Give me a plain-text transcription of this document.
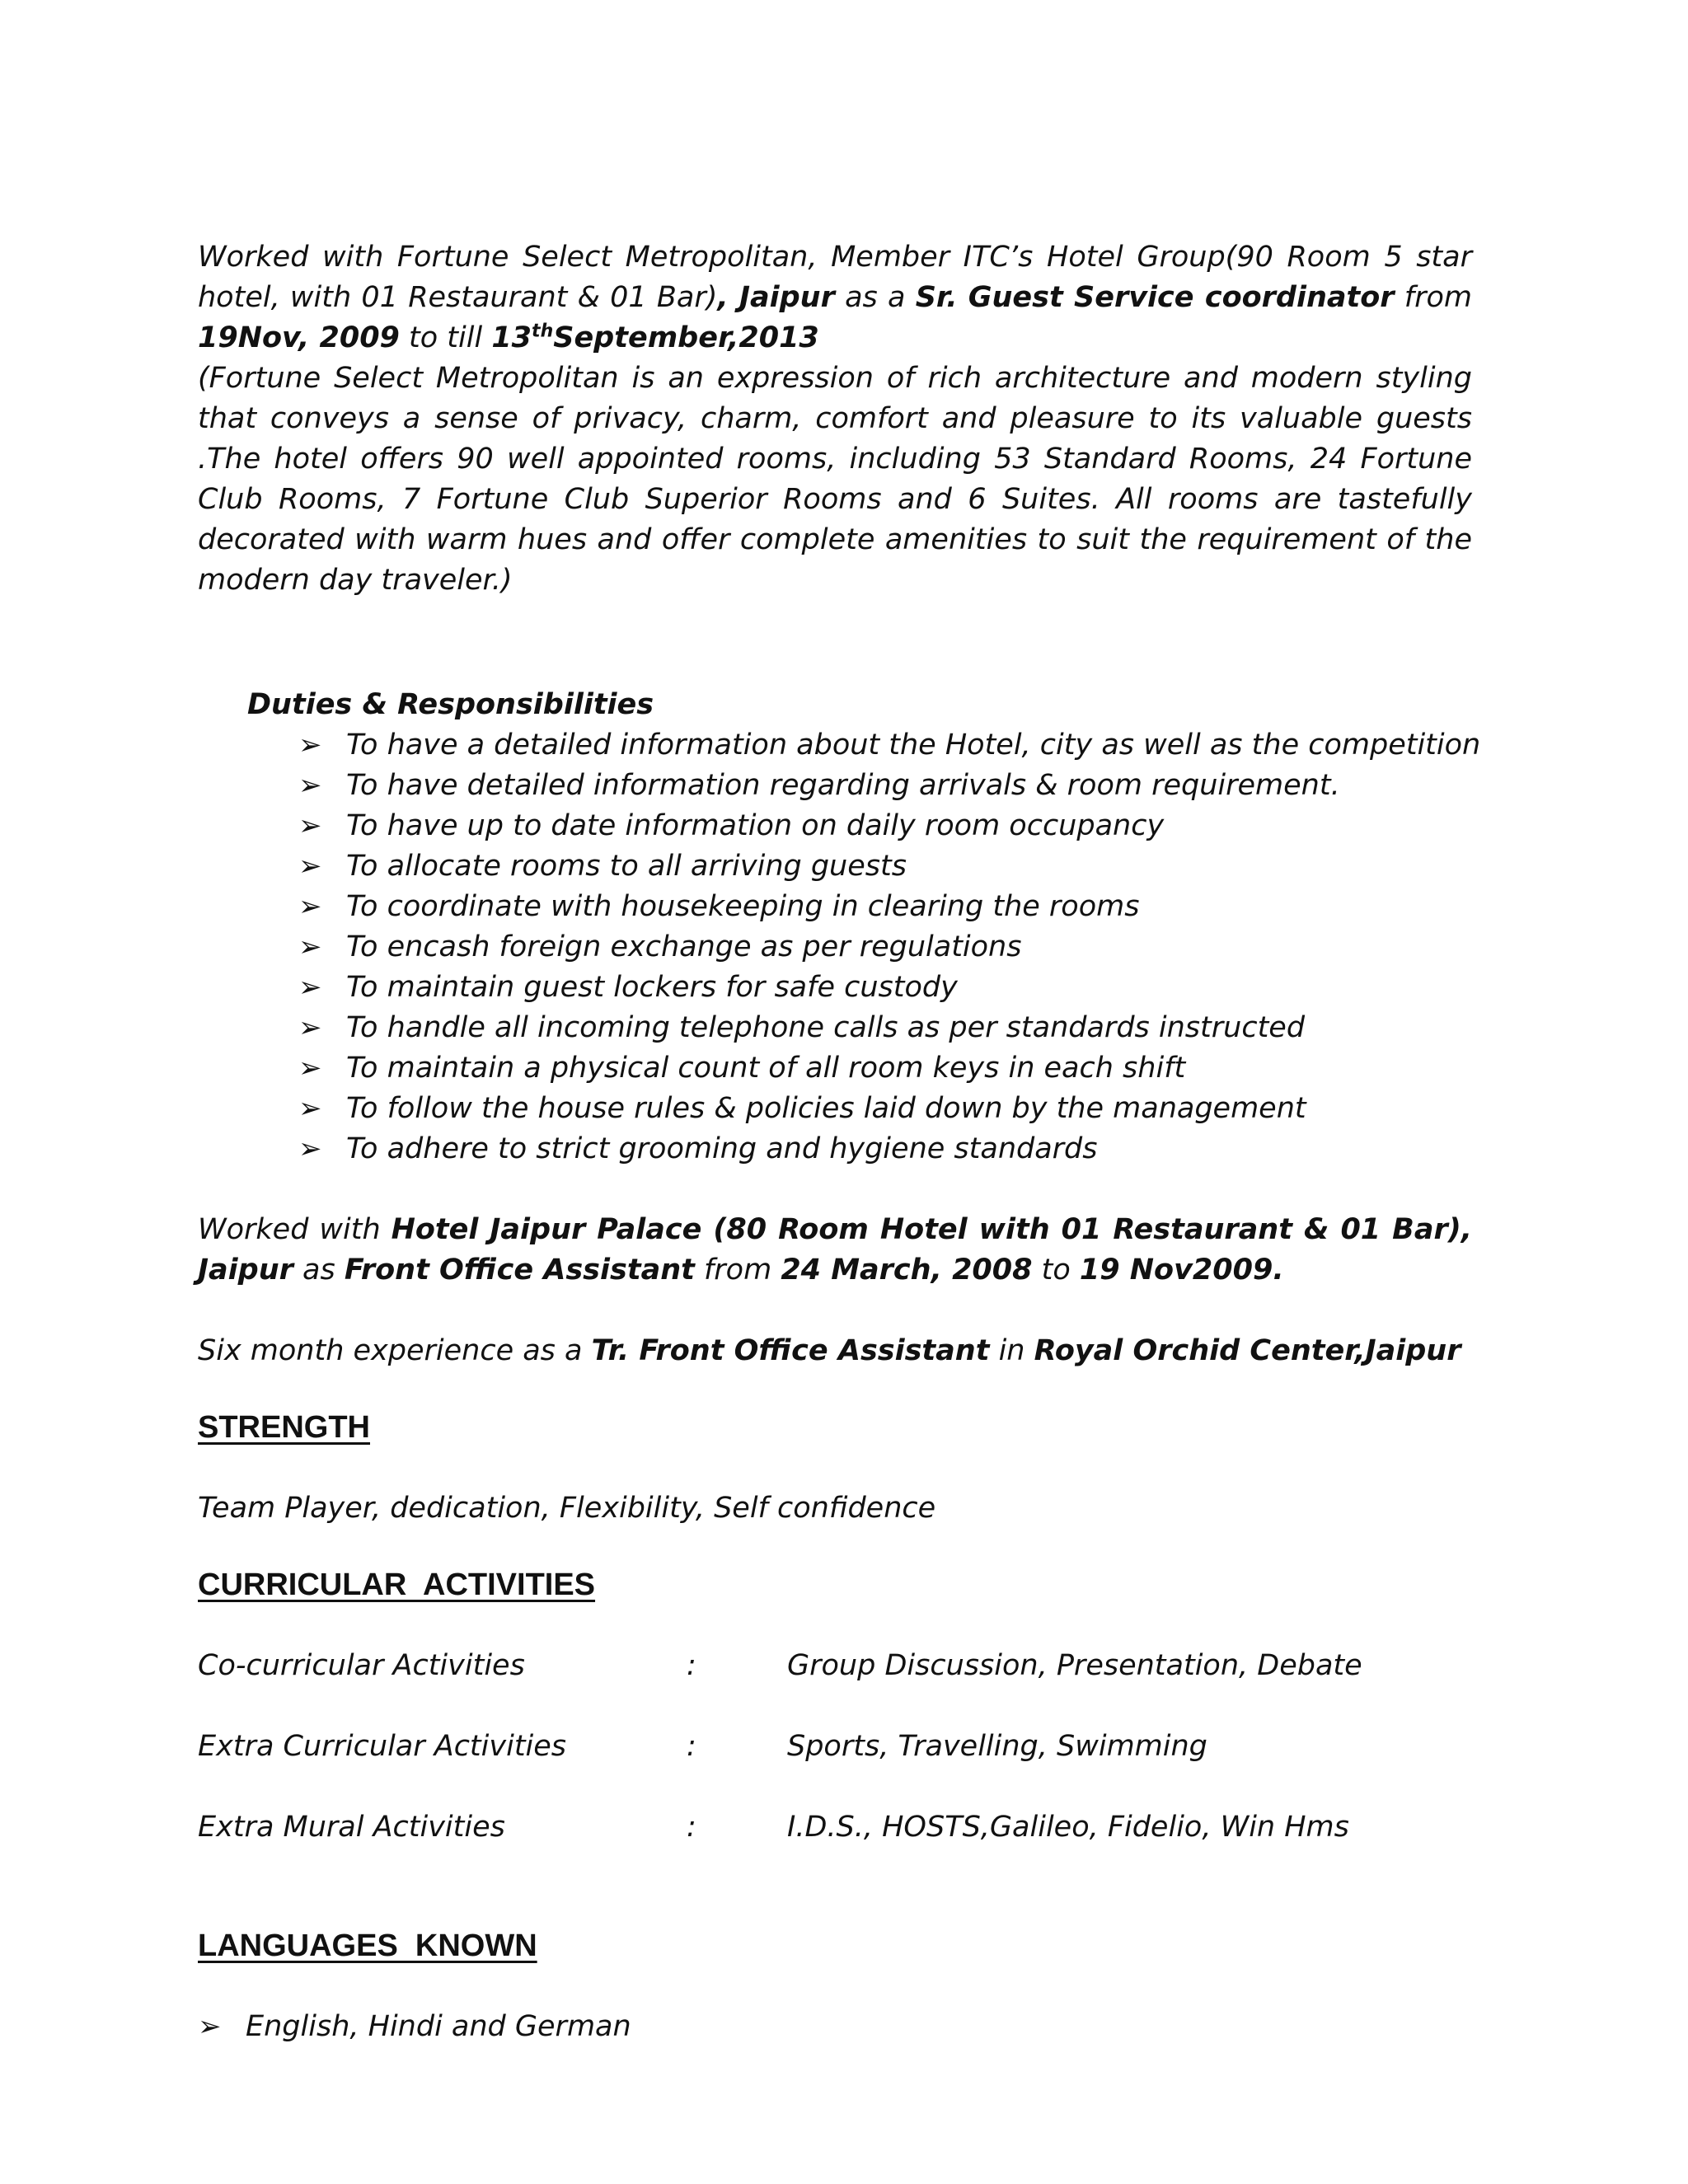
Worked with Fortune Select Metropolitan, Member ITC’s Hotel Group(90 Room 5 star hotel, with 01 Restaurant & 01 Bar), Jaipur as a Sr. Guest Service coordinator from 19Nov, 2009 to till 13thSeptember,2013
(Fortune Select Metropolitan is an expression of rich architecture and modern styling that conveys a sense of privacy, charm, comfort and pleasure to its valuable guests .The hotel offers 90 well appointed rooms, including 53 Standard Rooms, 24 Fortune Club Rooms, 7 Fortune Club Superior Rooms and 6 Suites. All rooms are tastefully decorated with warm hues and offer complete amenities to suit the requirement of the modern day traveler.)
Duties & Responsibilities
➢ To have a detailed information about the Hotel, city as well as the competition
➢ To have detailed information regarding arrivals & room requirement.
➢ To have up to date information on daily room occupancy
➢ To allocate rooms to all arriving guests
➢ To coordinate with housekeeping in clearing the rooms
➢ To encash foreign exchange as per regulations
➢ To maintain guest lockers for safe custody
➢ To handle all incoming telephone calls as per standards instructed
➢ To maintain a physical count of all room keys in each shift
➢ To follow the house rules & policies laid down by the management
➢ To adhere to strict grooming and hygiene standards
Worked with Hotel Jaipur Palace (80 Room Hotel with 01 Restaurant & 01 Bar), Jaipur as Front Office Assistant from 24 March, 2008 to 19 Nov2009.
Six month experience as a Tr. Front Office Assistant in Royal Orchid Center,Jaipur
STRENGTH
Team Player, dedication, Flexibility, Self confidence
CURRICULAR  ACTIVITIES
Co-curricular Activities	:	Group Discussion, Presentation, Debate
Extra Curricular Activities	:	Sports, Travelling, Swimming
Extra Mural Activities	:	I.D.S., HOSTS,Galileo, Fidelio, Win Hms
LANGUAGES  KNOWN
➢ English, Hindi and German
